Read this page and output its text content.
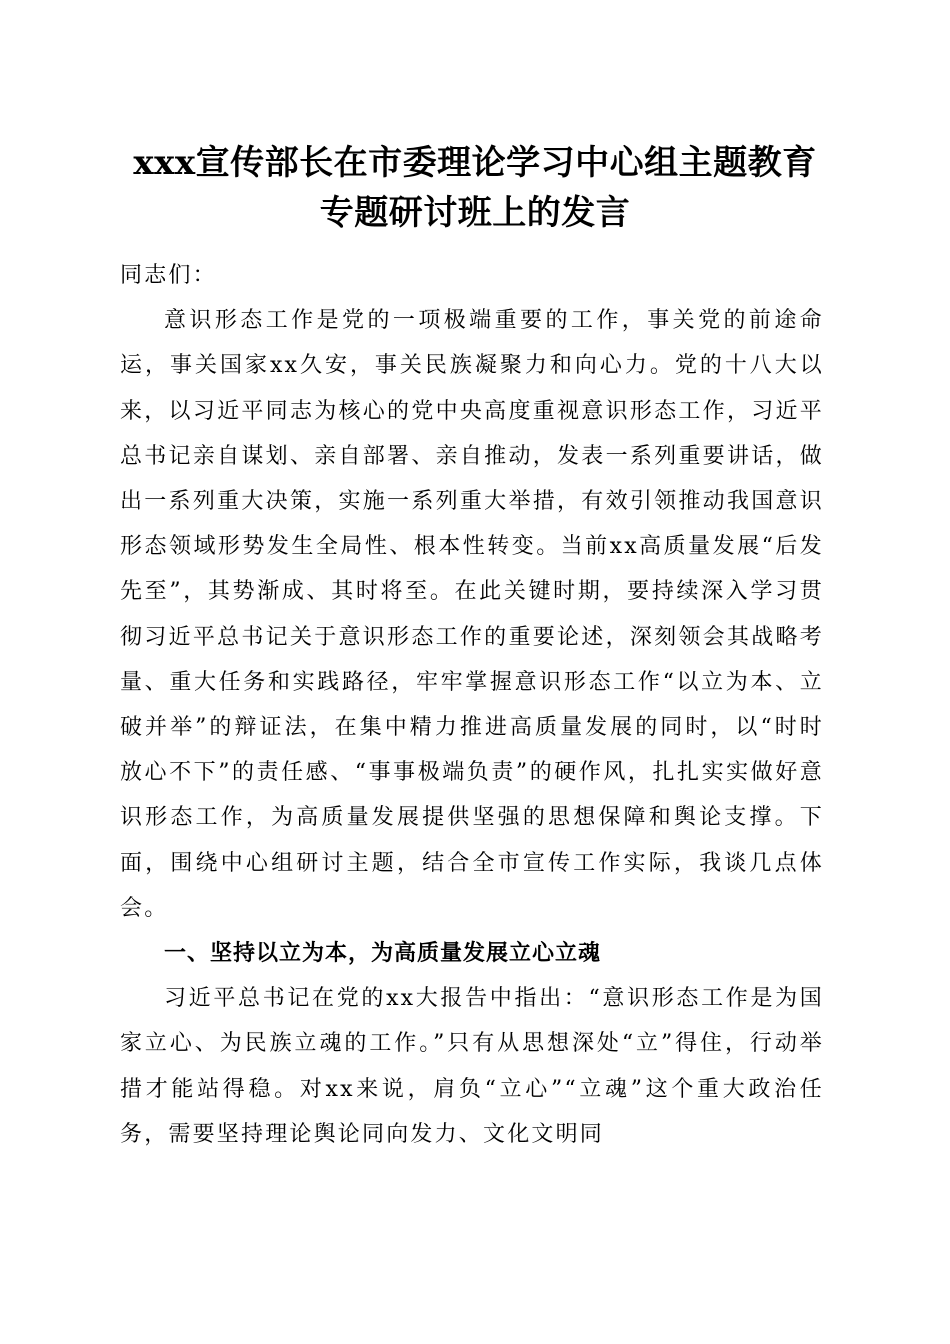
xxx宣传部长在市委理论学习中心组主题教育
专题研讨班上的发言

同志们：

意识形态工作是党的一项极端重要的工作，事关党的前途命运，事关国家xx久安，事关民族凝聚力和向心力。党的十八大以来，以习近平同志为核心的党中央高度重视意识形态工作，习近平总书记亲自谋划、亲自部署、亲自推动，发表一系列重要讲话，做出一系列重大决策，实施一系列重大举措，有效引领推动我国意识形态领域形势发生全局性、根本性转变。当前xx高质量发展“后发先至”，其势渐成、其时将至。在此关键时期，要持续深入学习贯彻习近平总书记关于意识形态工作的重要论述，深刻领会其战略考量、重大任务和实践路径，牢牢掌握意识形态工作“以立为本、立破并举”的辩证法，在集中精力推进高质量发展的同时，以“时时放心不下”的责任感、“事事极端负责”的硬作风，扎扎实实做好意识形态工作，为高质量发展提供坚强的思想保障和舆论支撑。下面，围绕中心组研讨主题，结合全市宣传工作实际，我谈几点体会。

一、坚持以立为本，为高质量发展立心立魂

习近平总书记在党的xx大报告中指出：“意识形态工作是为国家立心、为民族立魂的工作。”只有从思想深处“立”得住，行动举措才能站得稳。对xx来说，肩负“立心”“立魂”这个重大政治任务，需要坚持理论舆论同向发力、文化文明同
